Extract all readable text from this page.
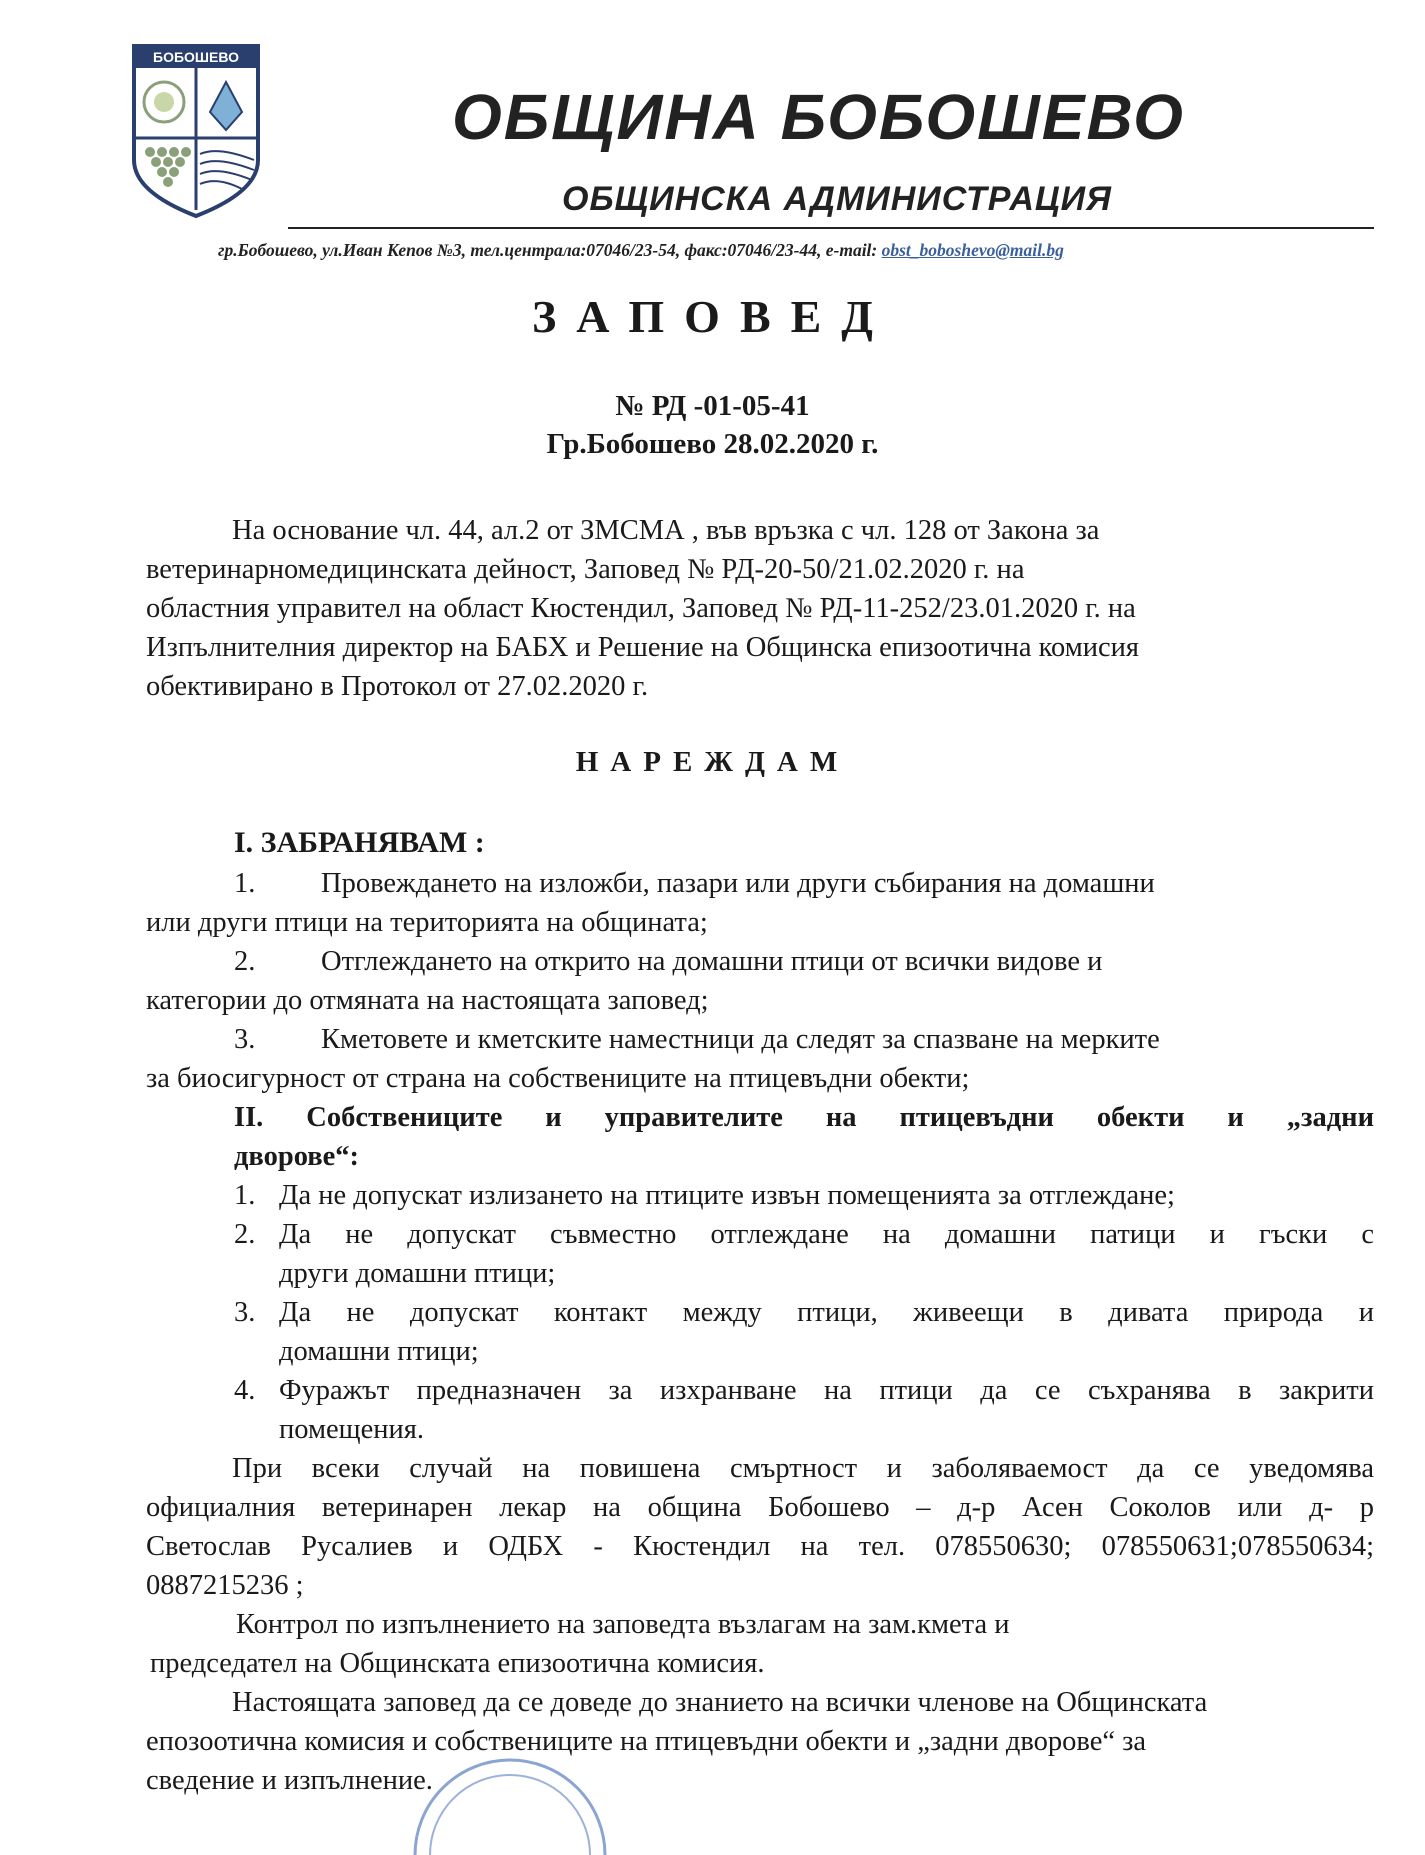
БОБОШЕВО
ОБЩИНА БОБОШЕВО
ОБЩИНСКА АДМИНИСТРАЦИЯ
гр.Бобошево, ул.Иван Кепов №3, тел.централа:07046/23-54, факс:07046/23-44, e-mail: obst_boboshevo@mail.bg
ЗАПОВЕД
№ РД -01-05-41
Гр.Бобошево 28.02.2020 г.
На основание чл. 44, ал.2 от ЗМСМА , във връзка с чл. 128 от Закона за
ветеринарномедицинската дейност, Заповед № РД-20-50/21.02.2020 г. на
областния управител на област Кюстендил, Заповед № РД-11-252/23.01.2020 г. на
Изпълнителния директор на БАБХ и Решение на Общинска епизоотична комисия
обективирано в Протокол от 27.02.2020 г.
НАРЕЖДАМ
I. ЗАБРАНЯВАМ :
1. Провеждането на изложби, пазари или други събирания на домашни
или други птици на територията на общината;
2. Отглеждането на открито на домашни птици от всички видове и
категории до отмяната на настоящата заповед;
3. Кметовете и кметските наместници да следят за спазване на мерките
за биосигурност от страна на собствениците на птицевъдни обекти;
II. Собствениците и управителите на птицевъдни обекти и „задни
дворове“:
1. Да не допускат излизането на птиците извън помещенията за отглеждане;
2. Да не допускат съвместно отглеждане на домашни патици и гъски с
други домашни птици;
3. Да не допускат контакт между птици, живеещи в дивата природа и
домашни птици;
4. Фуражът предназначен за изхранване на птици да се съхранява в закрити
помещения.
При всеки случай на повишена смъртност и заболяваемост да се уведомява
официалния ветеринарен лекар на община Бобошево – д-р Асен Соколов или д- р
Светослав Русалиев и ОДБХ - Кюстендил на тел. 078550630; 078550631;078550634;
0887215236 ;
Контрол по изпълнението на заповедта възлагам на зам.кмета и
председател на Общинската епизоотична комисия.
Настоящата заповед да се доведе до знанието на всички членове на Общинската
епозоотична комисия и собствениците на птицевъдни обекти и „задни дворове“ за
сведение и изпълнение.
